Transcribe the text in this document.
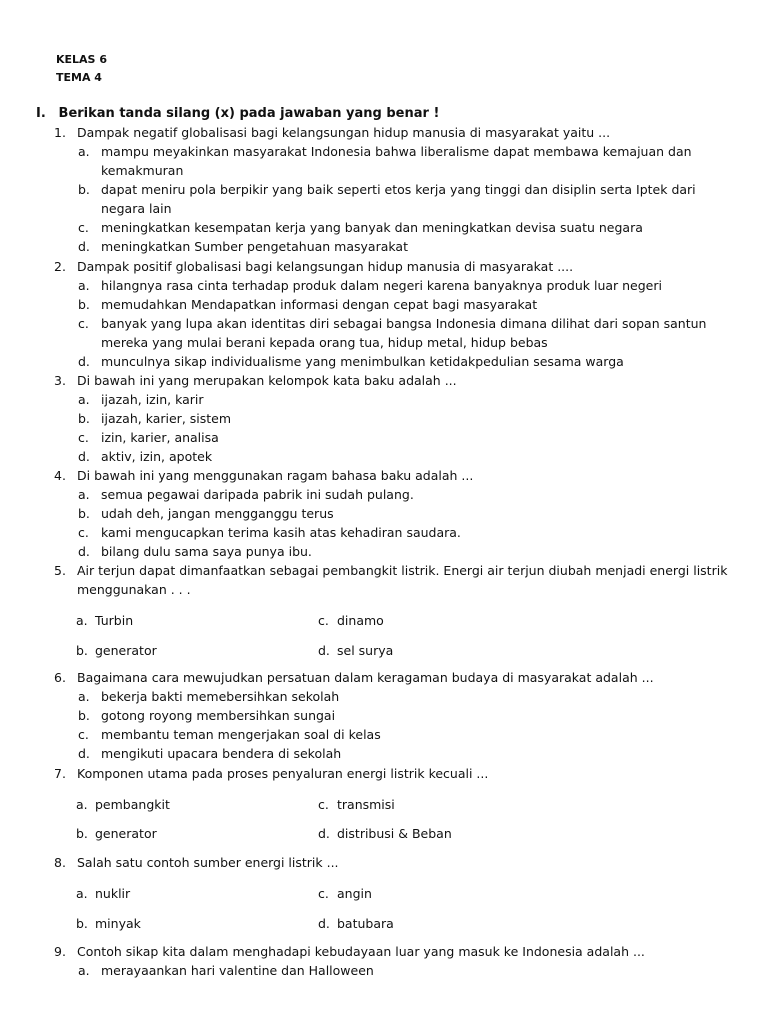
KELAS 6
TEMA 4
I. Berikan tanda silang (x) pada jawaban yang benar !
1. Dampak negatif globalisasi bagi kelangsungan hidup manusia di masyarakat yaitu ...
a. mampu meyakinkan masyarakat Indonesia bahwa liberalisme dapat membawa kemajuan dan kemakmuran
b. dapat meniru pola berpikir yang baik seperti etos kerja yang tinggi dan disiplin serta Iptek dari negara lain
c. meningkatkan kesempatan kerja yang banyak dan meningkatkan devisa suatu negara
d. meningkatkan Sumber pengetahuan masyarakat
2. Dampak positif globalisasi bagi kelangsungan hidup manusia di masyarakat ....
a. hilangnya rasa cinta terhadap produk dalam negeri karena banyaknya produk luar negeri
b. memudahkan Mendapatkan informasi dengan cepat bagi masyarakat
c. banyak yang lupa akan identitas diri sebagai bangsa Indonesia dimana dilihat dari sopan santun mereka yang mulai berani kepada orang tua, hidup metal, hidup bebas
d. munculnya sikap individualisme yang menimbulkan ketidakpedulian sesama warga
3. Di bawah ini yang merupakan kelompok kata baku adalah ...
a. ijazah, izin, karir
b. ijazah, karier, sistem
c. izin, karier, analisa
d. aktiv, izin, apotek
4. Di bawah ini yang menggunakan ragam bahasa baku adalah ...
a. semua pegawai daripada pabrik ini sudah pulang.
b. udah deh, jangan mengganggu terus
c. kami mengucapkan terima kasih atas kehadiran saudara.
d. bilang dulu sama saya punya ibu.
5. Air terjun dapat dimanfaatkan sebagai pembangkit listrik. Energi air terjun diubah menjadi energi listrik menggunakan . . .
a. Turbin	c. dinamo
b. generator	d. sel surya
6. Bagaimana cara mewujudkan persatuan dalam keragaman budaya di masyarakat adalah ...
a. bekerja bakti memebersihkan sekolah
b. gotong royong membersihkan sungai
c. membantu teman mengerjakan soal di kelas
d. mengikuti upacara bendera di sekolah
7. Komponen utama pada proses penyaluran energi listrik kecuali ...
a. pembangkit	c. transmisi
b. generator	d. distribusi & Beban
8. Salah satu contoh sumber energi listrik ...
a. nuklir	c. angin
b. minyak	d. batubara
9. Contoh sikap kita dalam menghadapi kebudayaan luar yang masuk ke Indonesia adalah ...
a. merayaankan hari valentine dan Halloween
